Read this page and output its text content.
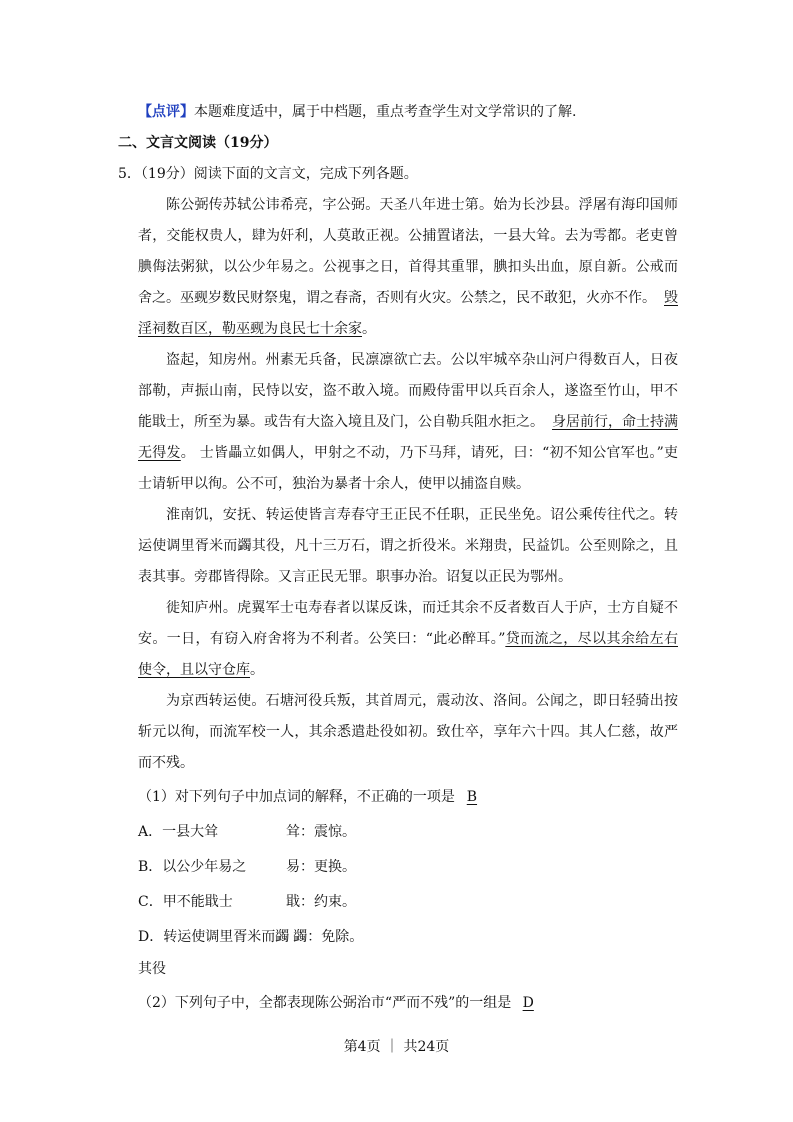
【点评】本题难度适中，属于中档题，重点考查学生对文学常识的了解.
二、文言文阅读（19分）
5．（19分）阅读下面的文言文，完成下列各题。
陈公弼传苏轼公讳希亮，字公弼。天圣八年进士第。始为长沙县。浮屠有海印国师
者，交能权贵人，肆为奸利，人莫敢正视。公捕置诸法，一县大耸。去为雩都。老吏曾
腆侮法粥狱，以公少年易之。公视事之日，首得其重罪，腆扣头出血，原自新。公戒而
舍之。巫觋岁数民财祭鬼，谓之春斋，否则有火灾。公禁之，民不敢犯，火亦不作。 毁
淫祠数百区，勒巫觋为良民七十余家。
盗起，知房州。州素无兵备，民凛凛欲亡去。公以牢城卒杂山河户得数百人，日夜
部勒，声振山南，民恃以安，盗不敢入境。而殿侍雷甲以兵百余人，遂盗至竹山，甲不
能戢士，所至为暴。或告有大盗入境且及门，公自勒兵阻水拒之。 身居前行，命士持满
无得发。 士皆畾立如偶人，甲射之不动，乃下马拜，请死，曰：“初不知公官军也。”吏
士请斩甲以徇。公不可，独治为暴者十余人，使甲以捕盗自赎。
淮南饥，安抚、转运使皆言寿春守王正民不任职，正民坐免。诏公乘传往代之。转
运使调里胥米而蠲其役，凡十三万石，谓之折役米。米翔贵，民益饥。公至则除之，且
表其事。旁郡皆得除。又言正民无罪。职事办治。诏复以正民为鄂州。
徙知庐州。虎翼军士屯寿春者以谋反诛，而迁其余不反者数百人于庐，士方自疑不
安。一日，有窃入府舍将为不利者。公笑曰：“此必醉耳。”贷而流之，尽以其余给左右
使令，且以守仓库。
为京西转运使。石塘河役兵叛，其首周元，震动汝、洛间。公闻之，即日轻骑出按
斩元以徇，而流军校一人，其余悉遣赴役如初。致仕卒，享年六十四。其人仁慈，故严
而不残。
（1）对下列句子中加点词的解释，不正确的一项是 B
A．一县大耸	耸：震惊。
B．以公少年易之	易：更换。
C．甲不能戢士	戢：约束。
D．转运使调里胥米而蠲 蠲：免除。
其役
（2）下列句子中，全都表现陈公弼治市“严而不残”的一组是 D
第4页 ｜ 共24页
